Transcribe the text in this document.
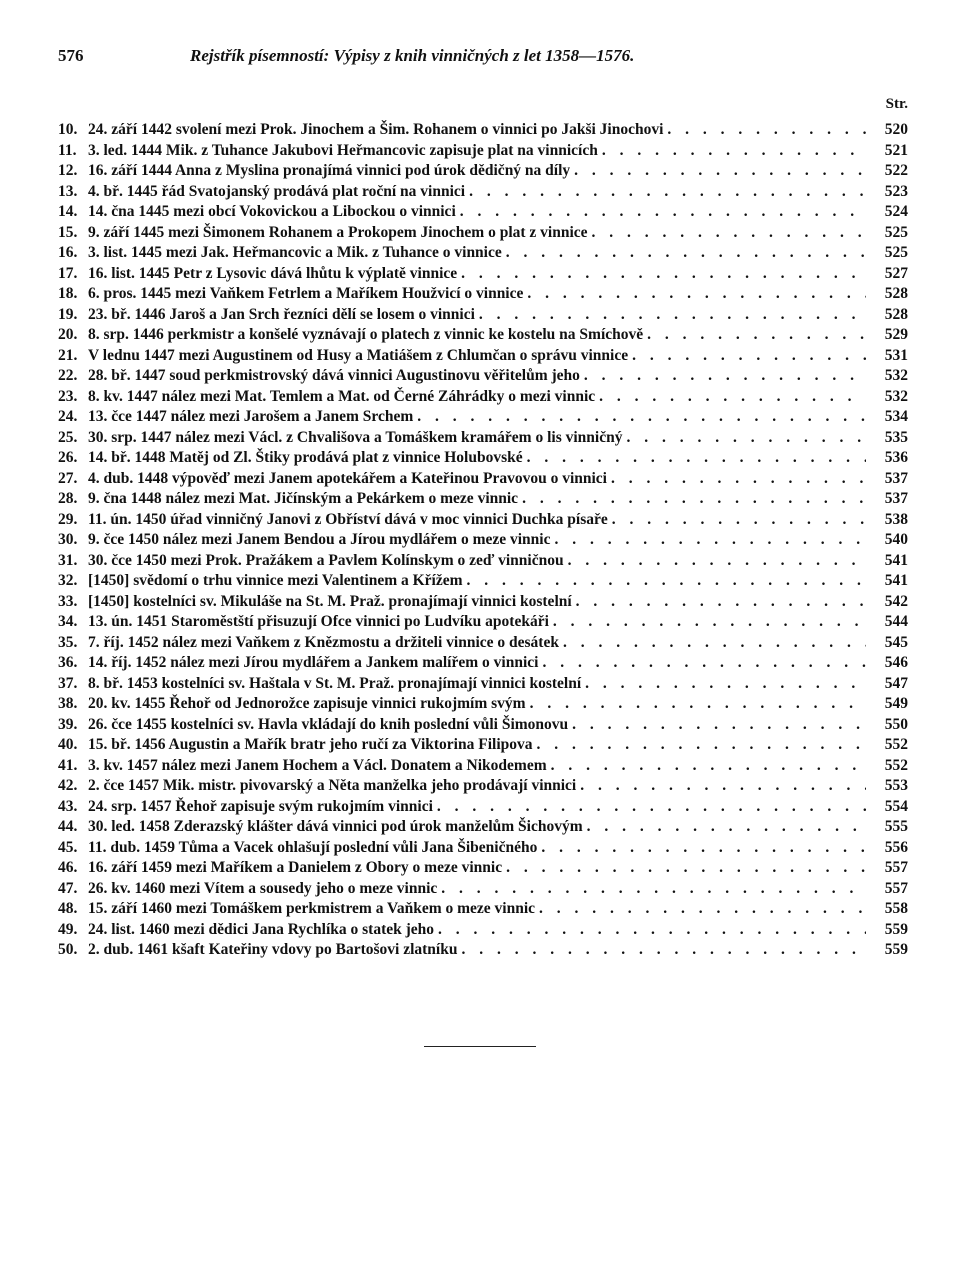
576	Rejstřík písemností: Výpisy z knih vinničných z let 1358—1576.
Str.
10. 24. září 1442 svolení mezi Prok. Jinochem a Šim. Rohanem o vinnici po Jakši Jinochovi . . .	520
11. 3. led. 1444 Mik. z Tuhance Jakubovi Heřmancovic zapisuje plat na vinnicích . . .	521
12. 16. září 1444 Anna z Myslina pronajímá vinnici pod úrok dědičný na díly . . .	522
13. 4. bř. 1445 řád Svatojanský prodává plat roční na vinnici . . .	523
14. 14. čna 1445 mezi obcí Vokovickou a Libockou o vinnici . . .	524
15. 9. září 1445 mezi Šimonem Rohanem a Prokopem Jinochem o plat z vinnice . . .	525
16. 3. list. 1445 mezi Jak. Heřmancovic a Mik. z Tuhance o vinnice . . .	525
17. 16. list. 1445 Petr z Lysovic dává lhůtu k výplatě vinnice . . .	527
18. 6. pros. 1445 mezi Vaňkem Fetrlem a Maříkem Houžvicí o vinnice . . .	528
19. 23. bř. 1446 Jaroš a Jan Srch řezníci dělí se losem o vinnici . . .	528
20. 8. srp. 1446 perkmistr a konšelé vyznávají o platech z vinnic ke kostelu na Smíchově . . .	529
21. V lednu 1447 mezi Augustinem od Husy a Matiášem z Chlumčan o správu vinnice . . .	531
22. 28. bř. 1447 soud perkmistrovský dává vinnici Augustinovu věřitelům jeho . . .	532
23. 8. kv. 1447 nález mezi Mat. Temlem a Mat. od Černé Záhrádky o mezi vinnic . . .	532
24. 13. čce 1447 nález mezi Jarošem a Janem Srchem . . .	534
25. 30. srp. 1447 nález mezi Václ. z Chvališova a Tomáškem kramářem o lis vinničný . . .	535
26. 14. bř. 1448 Matěj od Zl. Štiky prodává plat z vinnice Holubovské . . .	536
27. 4. dub. 1448 výpověď mezi Janem apotekářem a Kateřinou Pravovou o vinnici . . .	537
28. 9. čna 1448 nález mezi Mat. Jičínským a Pekárkem o meze vinnic . . .	537
29. 11. ún. 1450 úřad vinničný Janovi z Obříství dává v moc vinnici Duchka písaře . . .	538
30. 9. čce 1450 nález mezi Janem Bendou a Jírou mydlářem o meze vinnic . . .	540
31. 30. čce 1450 mezi Prok. Pražákem a Pavlem Kolínskym o zeď vinničnou . . .	541
32. [1450] svědomí o trhu vinnice mezi Valentinem a Křížem . . .	541
33. [1450] kostelníci sv. Mikuláše na St. M. Praž. pronajímají vinnici kostelní . . .	542
34. 13. ún. 1451 Staroměstští přisuzují Ofce vinnici po Ludvíku apotekáři . . .	544
35. 7. říj. 1452 nález mezi Vaňkem z Knězmostu a držiteli vinnice o desátek . . .	545
36. 14. říj. 1452 nález mezi Jírou mydlářem a Jankem malířem o vinnici . . .	546
37. 8. bř. 1453 kostelníci sv. Haštala v St. M. Praž. pronajímají vinnici kostelní . . .	547
38. 20. kv. 1455 Řehoř od Jednorožce zapisuje vinnici rukojmím svým . . .	549
39. 26. čce 1455 kostelníci sv. Havla vkládají do knih poslední vůli Šimonovu . . .	550
40. 15. bř. 1456 Augustin a Mařík bratr jeho ručí za Viktorina Filipova . . .	552
41. 3. kv. 1457 nález mezi Janem Hochem a Václ. Donatem a Nikodemem . . .	552
42. 2. čce 1457 Mik. mistr. pivovarský a Něta manželka jeho prodávají vinnici . . .	553
43. 24. srp. 1457 Řehoř zapisuje svým rukojmím vinnici . . .	554
44. 30. led. 1458 Zderazský klášter dává vinnici pod úrok manželům Šichovým . . .	555
45. 11. dub. 1459 Tůma a Vacek ohlašují poslední vůli Jana Šibeničného . . .	556
46. 16. září 1459 mezi Maříkem a Danielem z Obory o meze vinnic . . .	557
47. 26. kv. 1460 mezi Vítem a sousedy jeho o meze vinnic . . .	557
48. 15. září 1460 mezi Tomáškem perkmistrem a Vaňkem o meze vinnic . . .	558
49. 24. list. 1460 mezi dědici Jana Rychlíka o statek jeho . . .	559
50. 2. dub. 1461 kšaft Kateřiny vdovy po Bartošovi zlatníku . . .	559
